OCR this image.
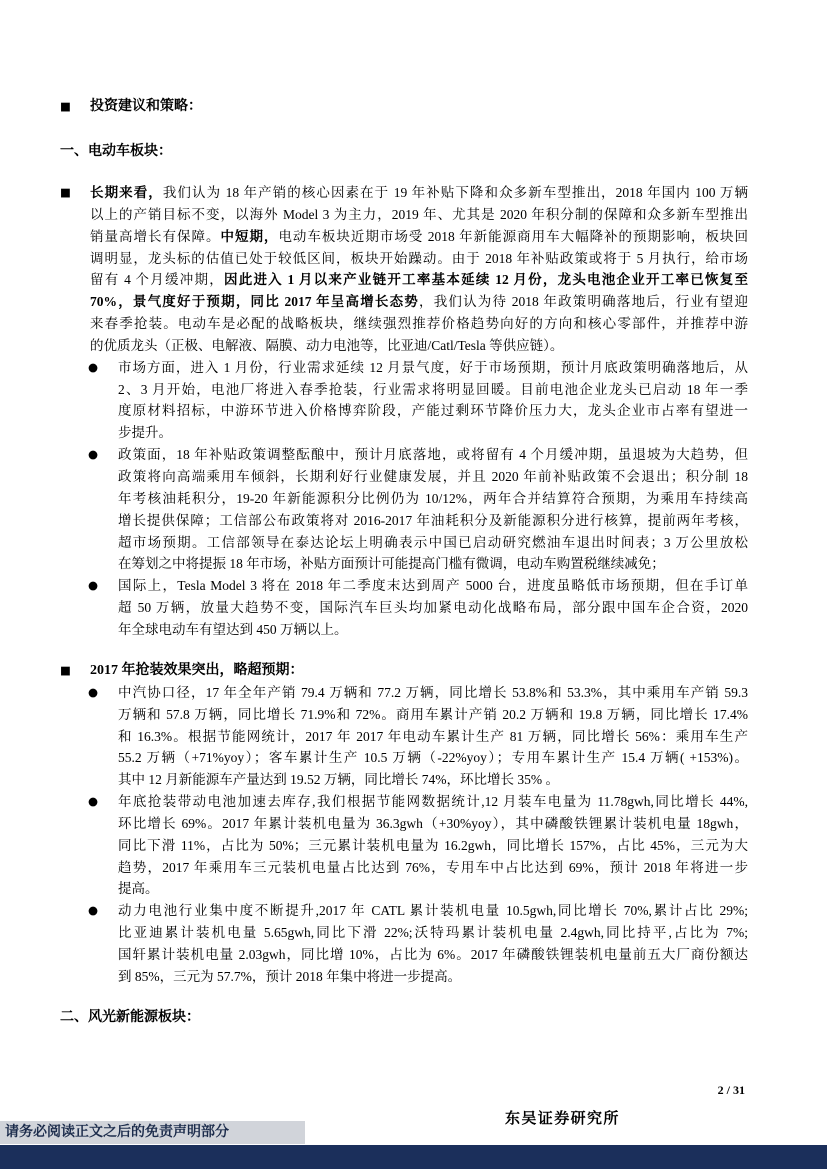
■ 投资建议和策略：
一、电动车板块：
■ 长期来看，我们认为 18 年产销的核心因素在于 19 年补贴下降和众多新车型推出，2018 年国内 100 万辆
以上的产销目标不变，以海外 Model 3 为主力，2019 年、尤其是 2020 年积分制的保障和众多新车型推出
销量高增长有保障。中短期，电动车板块近期市场受 2018 年新能源商用车大幅降补的预期影响，板块回
调明显，龙头标的估值已处于较低区间，板块开始躁动。由于 2018 年补贴政策或将于 5 月执行，给市场
留有 4 个月缓冲期，因此进入 1 月以来产业链开工率基本延续 12 月份，龙头电池企业开工率已恢复至
70%，景气度好于预期，同比 2017 年呈高增长态势，我们认为待 2018 年政策明确落地后，行业有望迎
来春季抢装。电动车是必配的战略板块，继续强烈推荐价格趋势向好的方向和核心零部件，并推荐中游
的优质龙头（正极、电解液、隔膜、动力电池等，比亚迪/Catl/Tesla 等供应链）。
● 市场方面，进入 1 月份，行业需求延续 12 月景气度，好于市场预期，预计月底政策明确落地后，从
2、3 月开始，电池厂将进入春季抢装，行业需求将明显回暖。目前电池企业龙头已启动 18 年一季
度原材料招标，中游环节进入价格博弈阶段，产能过剩环节降价压力大，龙头企业市占率有望进一
步提升。
● 政策面，18 年补贴政策调整酝酿中，预计月底落地，或将留有 4 个月缓冲期，虽退坡为大趋势，但
政策将向高端乘用车倾斜，长期利好行业健康发展，并且 2020 年前补贴政策不会退出；积分制 18
年考核油耗积分，19-20 年新能源积分比例仍为 10/12%，两年合并结算符合预期，为乘用车持续高
增长提供保障；工信部公布政策将对 2016-2017 年油耗积分及新能源积分进行核算，提前两年考核，
超市场预期。工信部领导在泰达论坛上明确表示中国已启动研究燃油车退出时间表；3 万公里放松
在筹划之中将提振 18 年市场，补贴方面预计可能提高门槛有微调，电动车购置税继续减免；
● 国际上，Tesla Model 3 将在 2018 年二季度末达到周产 5000 台，进度虽略低市场预期，但在手订单
超 50 万辆，放量大趋势不变，国际汽车巨头均加紧电动化战略布局，部分跟中国车企合资，2020
年全球电动车有望达到 450 万辆以上。
■ 2017 年抢装效果突出，略超预期：
● 中汽协口径，17 年全年产销 79.4 万辆和 77.2 万辆，同比增长 53.8%和 53.3%，其中乘用车产销 59.3
万辆和 57.8 万辆，同比增长 71.9%和 72%。商用车累计产销 20.2 万辆和 19.8 万辆，同比增长 17.4%
和 16.3%。根据节能网统计，2017 年 2017 年电动车累计生产 81 万辆，同比增长 56%：乘用车生产
55.2 万辆（+71%yoy）；客车累计生产 10.5 万辆（-22%yoy）；专用车累计生产 15.4 万辆( +153%)。
其中 12 月新能源车产量达到 19.52 万辆，同比增长 74%，环比增长 35% 。
● 年底抢装带动电池加速去库存,我们根据节能网数据统计,12 月装车电量为 11.78gwh,同比增长 44%,
环比增长 69%。2017 年累计装机电量为 36.3gwh（+30%yoy），其中磷酸铁锂累计装机电量 18gwh，
同比下滑 11%，占比为 50%；三元累计装机电量为 16.2gwh，同比增长 157%，占比 45%，三元为大
趋势，2017 年乘用车三元装机电量占比达到 76%，专用车中占比达到 69%，预计 2018 年将进一步
提高。
● 动力电池行业集中度不断提升,2017 年 CATL 累计装机电量 10.5gwh,同比增长 70%,累计占比 29%;
比亚迪累计装机电量 5.65gwh,同比下滑 22%;沃特玛累计装机电量 2.4gwh,同比持平,占比为 7%;
国轩累计装机电量 2.03gwh，同比增 10%，占比为 6%。2017 年磷酸铁锂装机电量前五大厂商份额达
到 85%，三元为 57.7%，预计 2018 年集中将进一步提高。
二、风光新能源板块：
2 / 31
东吴证券研究所
请务必阅读正文之后的免责声明部分
